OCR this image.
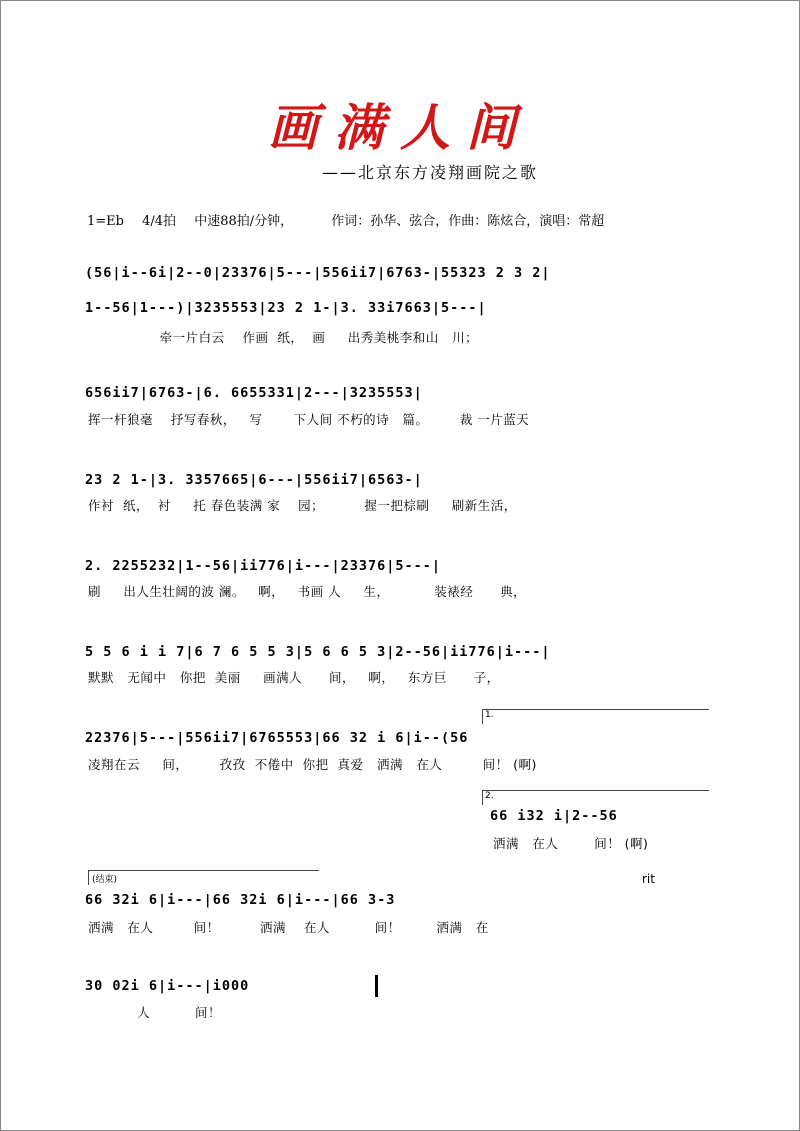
画满人间
——北京东方凌翔画院之歌
1=Eb 4/4拍 中速88拍/分钟，	作词：孙华、弦合，作曲：陈炫合，演唱：常超
(56|i--6i|2--0|23376|5---|556ii7|6763-|55323 2 3 2|
1--56|1---)|3235553|23 2 1-|3. 33i7663|5---|
牵一片白云    作画  纸，  画     出秀美桃李和山   川；
656ii7|6763-|6. 6655331|2---|3235553|
挥一杆狼毫    抒写春秋，   写       下人间 不朽的诗   篇。       裁 一片蓝天
23 2 1-|3. 3357665|6---|556ii7|6563-|
作衬  纸，  衬     托 春色装满 家    园；         握一把棕刷     刷新生活，
2. 2255232|1--56|ii776|i---|23376|5---|
刷     出人生壮阔的波 澜。   啊，   书画 人     生，          装裱经      典，
5 5 6 i i 7|6 7 6 5 5 3|5 6 6 5 3|2--56|ii776|i---|
默默   无闻中   你把  美丽     画满人      间，   啊，   东方巨      子，
1.
22376|5---|556ii7|6765553|66 32 i 6|i--(56
凌翔在云     间，       孜孜  不倦中  你把  真爱   洒满   在人         间！ (啊)
2.
66 i32 i|2--56
洒满   在人        间！ (啊)
(结束)	rit
66 32i 6|i---|66 32i 6|i---|66 3-3
洒满   在人         间！         洒满    在人          间！        洒满   在
30 02i 6|i---|i000
人          间！
